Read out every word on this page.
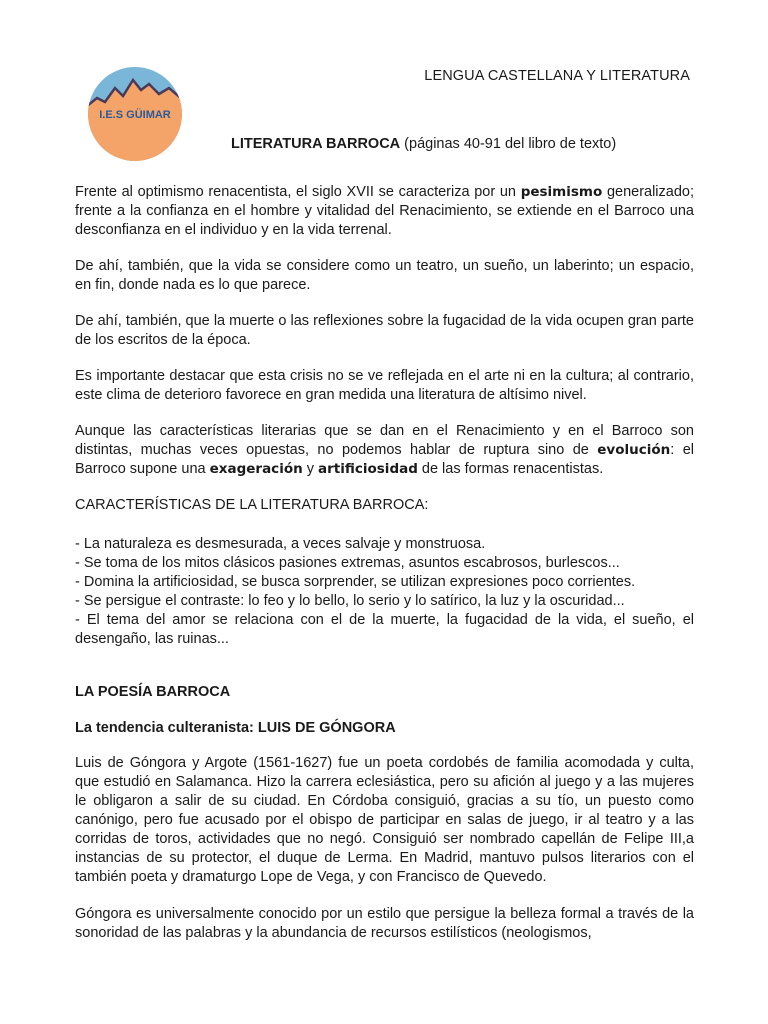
I.E.S GÜIMAR
LENGUA CASTELLANA Y LITERATURA
LITERATURA BARROCA (páginas 40-91 del libro de texto)

Frente al optimismo renacentista, el siglo XVII se caracteriza por un pesimismo generalizado; frente a la confianza en el hombre y vitalidad del Renacimiento, se extiende en el Barroco una desconfianza en el individuo y en la vida terrenal.

De ahí, también, que la vida se considere como un teatro, un sueño, un laberinto; un espacio, en fin, donde nada es lo que parece.

De ahí, también, que la muerte o las reflexiones sobre la fugacidad de la vida ocupen gran parte de los escritos de la época.

Es importante destacar que esta crisis no se ve reflejada en el arte ni en la cultura; al contrario, este clima de deterioro favorece en gran medida una literatura de altísimo nivel.

Aunque las características literarias que se dan en el Renacimiento y en el Barroco son distintas, muchas veces opuestas, no podemos hablar de ruptura sino de evolución: el Barroco supone una exageración y artificiosidad de las formas renacentistas.

CARACTERÍSTICAS DE LA LITERATURA BARROCA:

- La naturaleza es desmesurada, a veces salvaje y monstruosa.
- Se toma de los mitos clásicos pasiones extremas, asuntos escabrosos, burlescos...
- Domina la artificiosidad, se busca sorprender, se utilizan expresiones poco corrientes.
- Se persigue el contraste: lo feo y lo bello, lo serio y lo satírico, la luz y la oscuridad...
- El tema del amor se relaciona con el de la muerte, la fugacidad de la vida, el sueño, el desengaño, las ruinas...

LA POESÍA BARROCA

La tendencia culteranista: LUIS DE GÓNGORA

Luis de Góngora y Argote (1561-1627) fue un poeta cordobés de familia acomodada y culta, que estudió en Salamanca. Hizo la carrera eclesiástica, pero su afición al juego y a las mujeres le obligaron a salir de su ciudad. En Córdoba consiguió, gracias a su tío, un puesto como canónigo, pero fue acusado por el obispo de participar en salas de juego, ir al teatro y a las corridas de toros, actividades que no negó. Consiguió ser nombrado capellán de Felipe III,a instancias de su protector, el duque de Lerma. En Madrid, mantuvo pulsos literarios con el también poeta y dramaturgo Lope de Vega, y con Francisco de Quevedo.

Góngora es universalmente conocido por un estilo que persigue la belleza formal a través de la sonoridad de las palabras y la abundancia de recursos estilísticos (neologismos,
